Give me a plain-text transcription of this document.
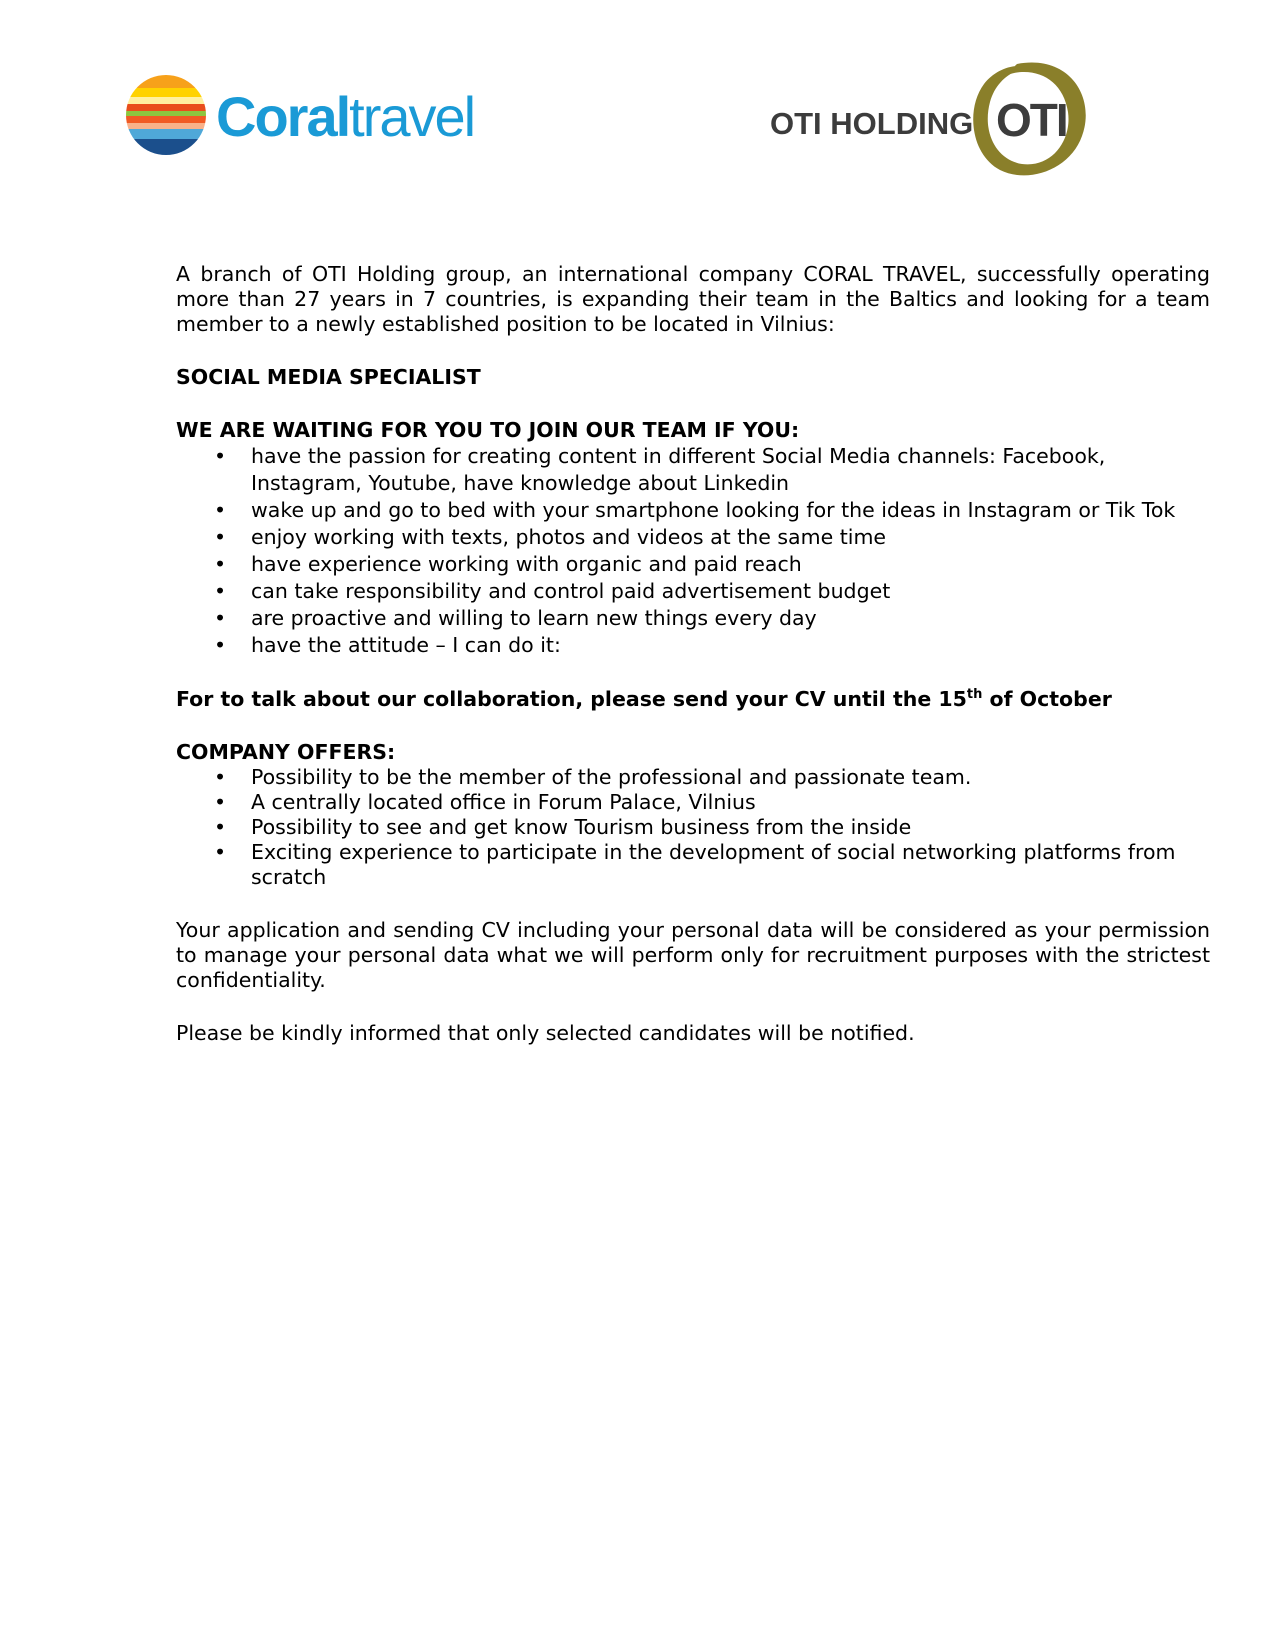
Coraltravel	OTI HOLDING OTI

A branch of OTI Holding group, an international company CORAL TRAVEL, successfully operating more than 27 years in 7 countries, is expanding their team in the Baltics and looking for a team member to a newly established position to be located in Vilnius:

SOCIAL MEDIA SPECIALIST

WE ARE WAITING FOR YOU TO JOIN OUR TEAM IF YOU:

• have the passion for creating content in different Social Media channels: Facebook, Instagram, Youtube, have knowledge about Linkedin
• wake up and go to bed with your smartphone looking for the ideas in Instagram or Tik Tok
• enjoy working with texts, photos and videos at the same time
• have experience working with organic and paid reach
• can take responsibility and control paid advertisement budget
• are proactive and willing to learn new things every day
• have the attitude – I can do it:

For to talk about our collaboration, please send your CV until the 15th of October

COMPANY OFFERS:

• Possibility to be the member of the professional and passionate team.
• A centrally located office in Forum Palace, Vilnius
• Possibility to see and get know Tourism business from the inside
• Exciting experience to participate in the development of social networking platforms from scratch

Your application and sending CV including your personal data will be considered as your permission to manage your personal data what we will perform only for recruitment purposes with the strictest confidentiality.

Please be kindly informed that only selected candidates will be notified.
